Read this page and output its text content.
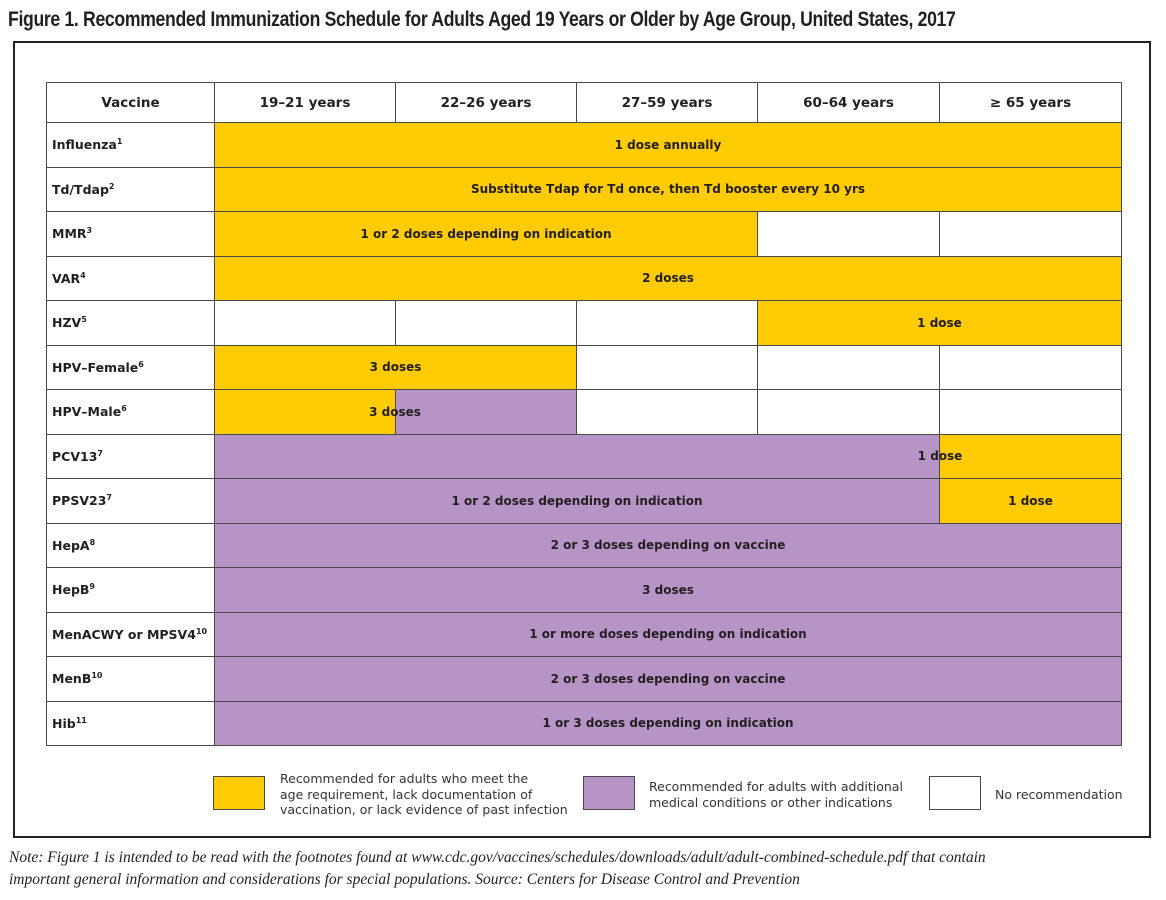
Figure 1. Recommended Immunization Schedule for Adults Aged 19 Years or Older by Age Group, United States, 2017
Vaccine	19–21 years	22–26 years	27–59 years	60–64 years	≥ 65 years
Influenza$^1$	1 dose annually				
Td/Tdap$^2$	Substitute Tdap for Td once, then Td booster every 10 yrs				
MMR$^3$	1 or 2 doses depending on indication				
VAR$^4$	2 doses				
HZV$^5$				1 dose	
HPV–Female$^6$	3 doses				
HPV–Male$^6$	3 doses				

$PCV13^7$					1 dose

$PPSV23^7$	1 or 2 doses depending on indication				1 dose
HepA$^8$	2 or 3 doses depending on vaccine				
HepB$^9$	3 doses				
MenACWY or $MPSV4^{10}$	1 or more doses depending on indication				
MenB$^{10}$	2 or 3 doses depending on vaccine				
Hib$^{11}$	1 or 3 doses depending on indication				
Recommended for adults who meet the
age requirement, lack documentation of
vaccination, or lack evidence of past infection
Recommended for adults with additional
medical conditions or other indications	No recommendation
Note: Figure 1 is intended to be read with the footnotes found at www.cdc.gov/vaccines/schedules/downloads/adult/adult-combined-schedule.pdf that contain
important general information and considerations for special populations. Source: Centers for Disease Control and Prevention
